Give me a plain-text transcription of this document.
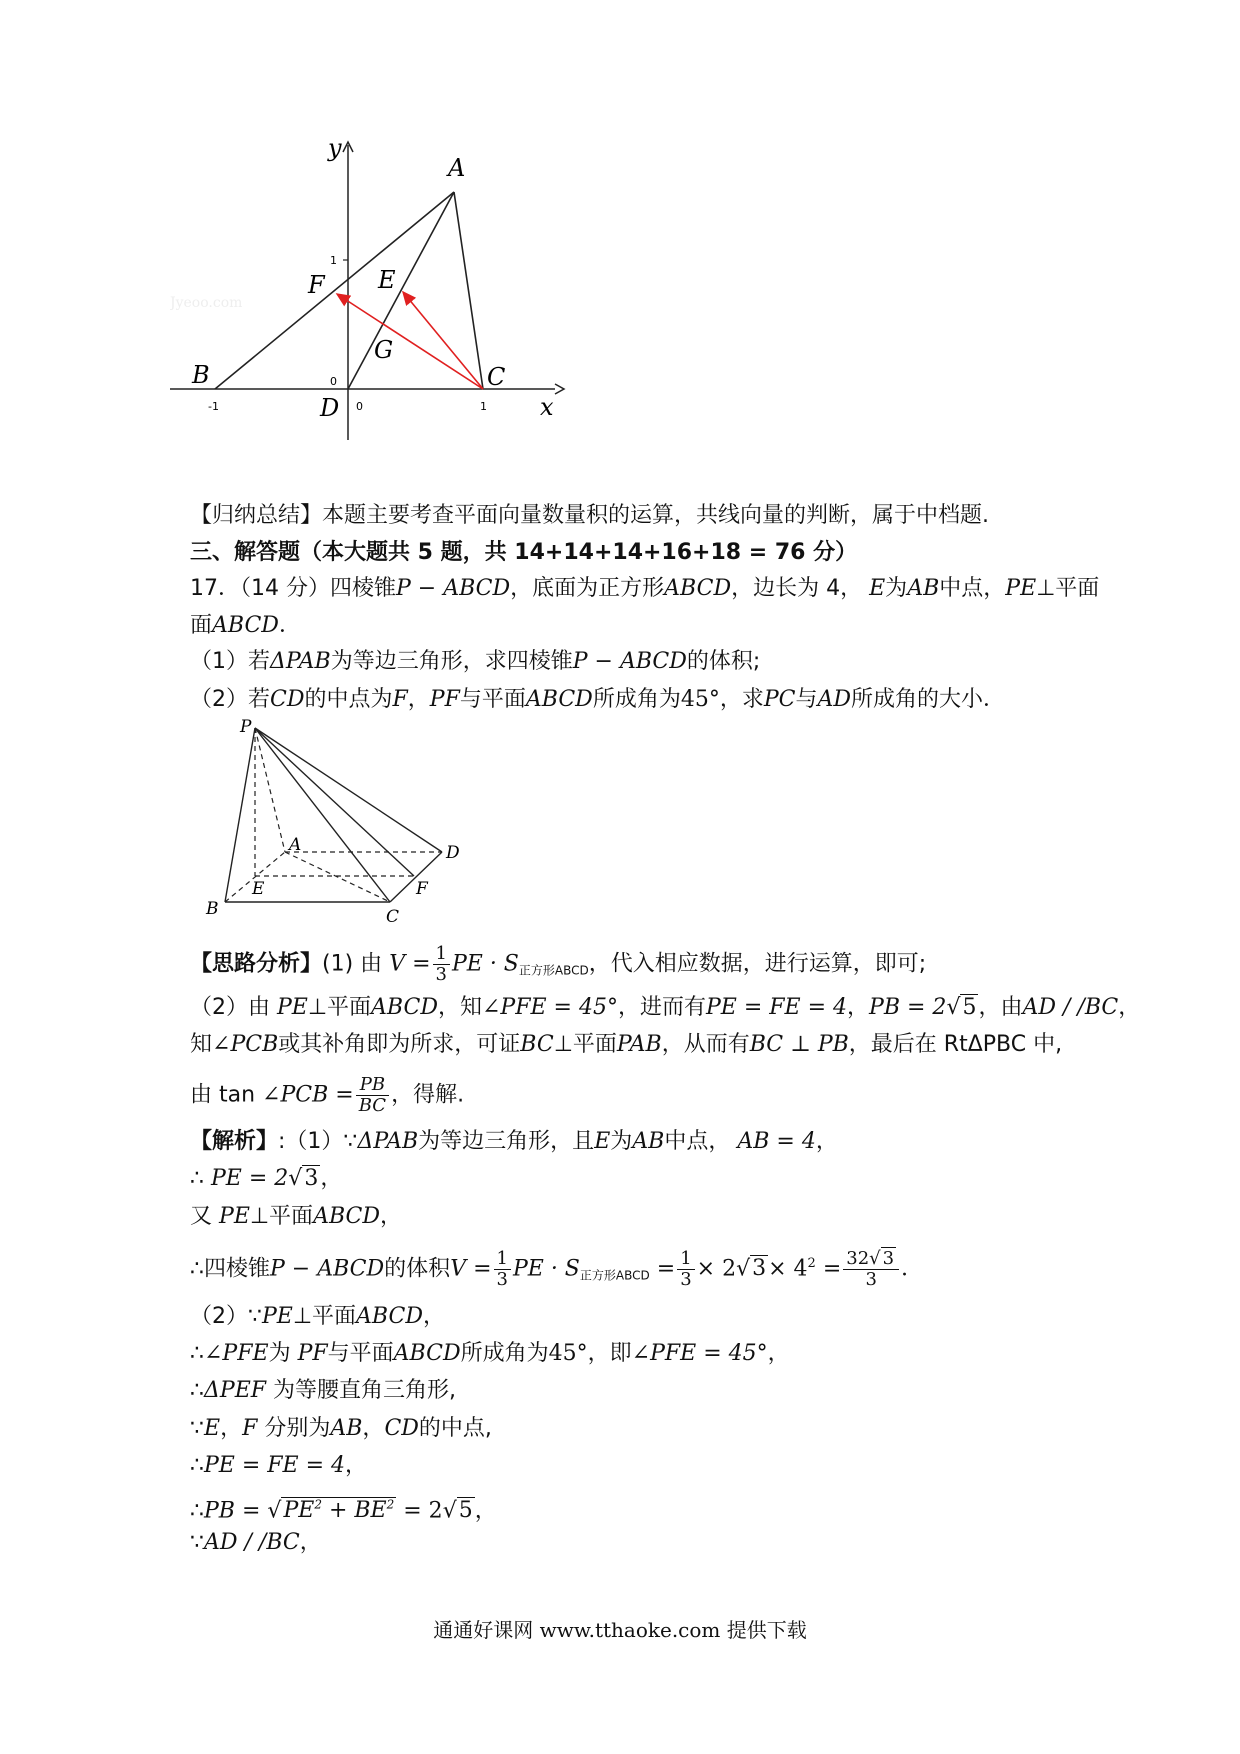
y
x
A
B	C
D
E
F
G
1
0
-1	0	1
Jyeoo.com
【归纳总结】本题主要考查平面向量数量积的运算，共线向量的判断，属于中档题.
三、解答题（本大题共 5 题，共 14+14+14+16+18 = 76 分）
17．（14 分）四棱锥P − ABCD，底面为正方形ABCD，边长为 4， E为AB中点，PE⊥平面
面ABCD．
（1）若ΔPAB为等边三角形，求四棱锥P − ABCD的体积;
（2）若CD的中点为F，PF与平面ABCD所成角为45°，求PC与AD所成角的大小．
P
A
B	C
D
E	F
【思路分析】(1) 由 $V = \frac{1}{3}$ PE · $S_{正方形ABCD}$，代入相应数据，进行运算，即可;
（2）由 PE⊥平面ABCD，知∠PFE = 45°，进而有PE = FE = 4，PB = 2√5，由AD / /BC，
知∠PCB或其补角即为所求，可证BC⊥平面PAB，从而有BC ⊥ PB，最后在 RtΔPBC 中,
由 tan ∠PCB = $\frac{PB}{BC}$ ，得解.
【解析】:（1）∵ΔPAB为等边三角形，且E为AB中点， AB = 4，
∴ PE = 2√3，
又 PE⊥平面ABCD，
∴四棱锥P − ABCD的体积$V = \frac{1}{3}$ PE · $S_{正方形ABCD} = \frac{1}{3} \times 2√3\times 4^2 = \frac{32√ 3}{3}$ ．
（2）∵PE⊥平面ABCD，
∴∠PFE为 PF与平面ABCD所成角为45°，即∠PFE = 45°，
∴ΔPEF 为等腰直角三角形,
∵E，F 分别为AB，CD的中点,
∴PE = FE = 4，
∴PB = $√PE^2 + BE^2 = 2√5$，
∵AD / /BC，
通通好课网 www.tthaoke.com 提供下载
